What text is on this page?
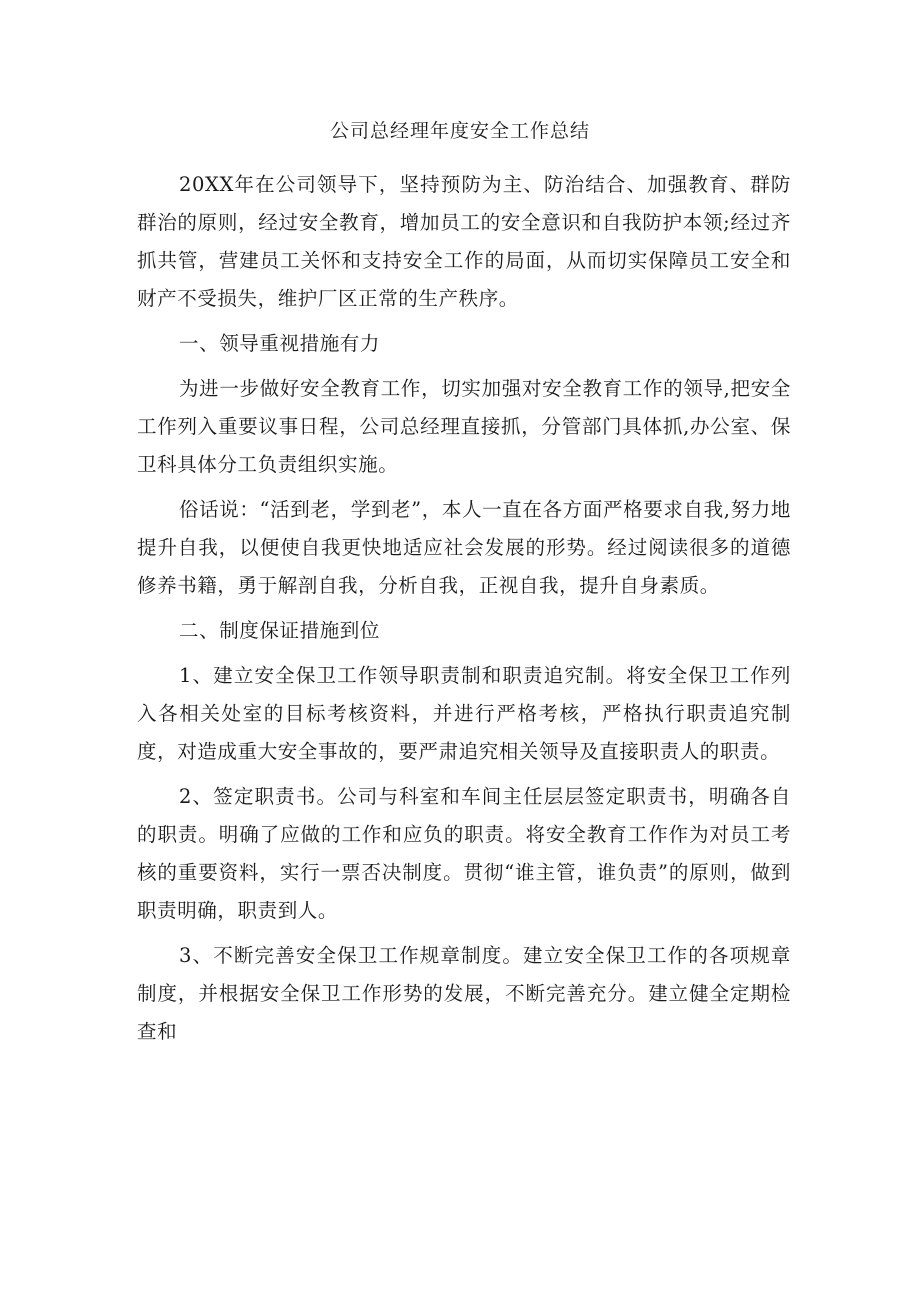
公司总经理年度安全工作总结

20XX年在公司领导下，坚持预防为主、防治结合、加强教育、群防群治的原则，经过安全教育，增加员工的安全意识和自我防护本领;经过齐抓共管，营建员工关怀和支持安全工作的局面，从而切实保障员工安全和财产不受损失，维护厂区正常的生产秩序。

一、领导重视措施有力

为进一步做好安全教育工作，切实加强对安全教育工作的领导,把安全工作列入重要议事日程，公司总经理直接抓，分管部门具体抓,办公室、保卫科具体分工负责组织实施。

俗话说：“活到老，学到老”，本人一直在各方面严格要求自我,努力地提升自我，以便使自我更快地适应社会发展的形势。经过阅读很多的道德修养书籍，勇于解剖自我，分析自我，正视自我，提升自身素质。

二、制度保证措施到位

1、建立安全保卫工作领导职责制和职责追究制。将安全保卫工作列入各相关处室的目标考核资料，并进行严格考核，严格执行职责追究制度，对造成重大安全事故的，要严肃追究相关领导及直接职责人的职责。

2、签定职责书。公司与科室和车间主任层层签定职责书，明确各自的职责。明确了应做的工作和应负的职责。将安全教育工作作为对员工考核的重要资料，实行一票否决制度。贯彻“谁主管，谁负责”的原则，做到职责明确，职责到人。

3、不断完善安全保卫工作规章制度。建立安全保卫工作的各项规章制度，并根据安全保卫工作形势的发展，不断完善充分。建立健全定期检查和
